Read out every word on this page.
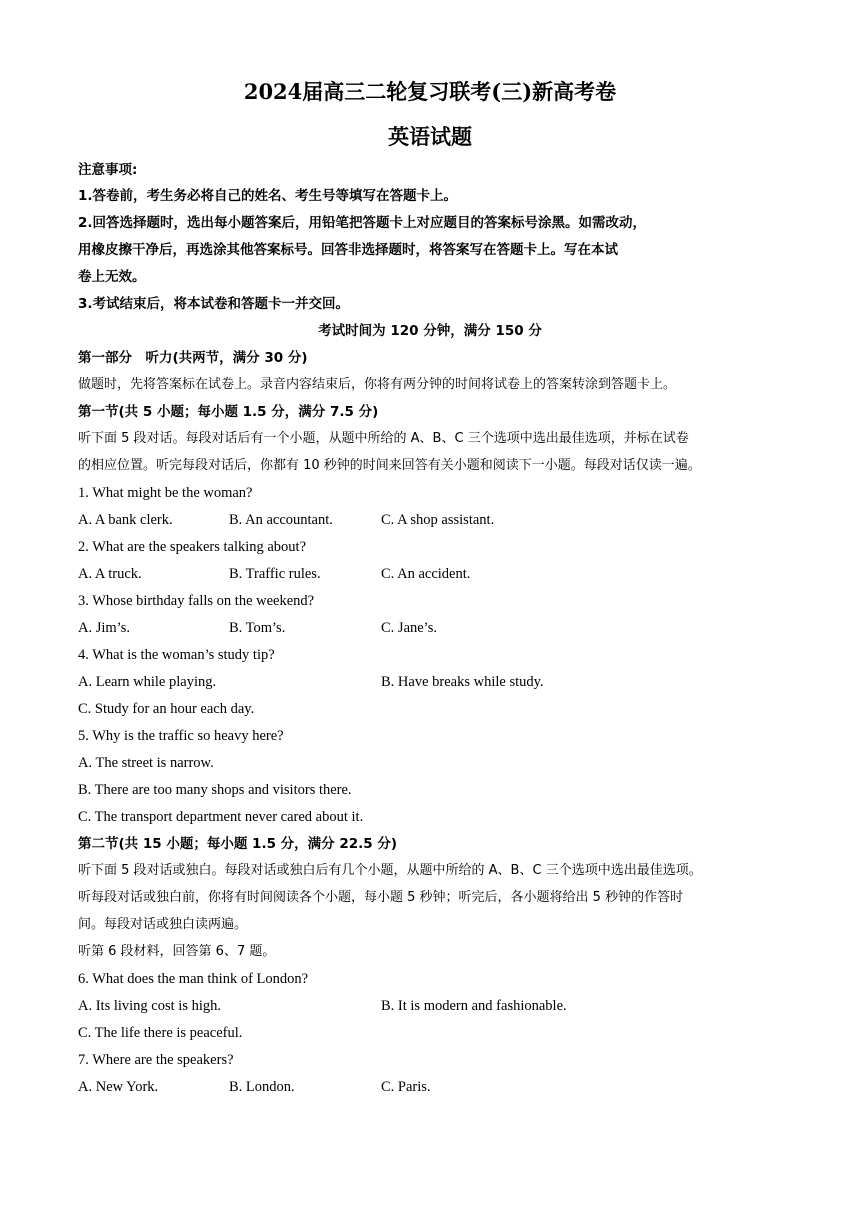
2024届高三二轮复习联考(三)新高考卷
英语试题
注意事项:
1.答卷前，考生务必将自己的姓名、考生号等填写在答题卡上。
2.回答选择题时，选出每小题答案后，用铅笔把答题卡上对应题目的答案标号涂黑。如需改动，
用橡皮擦干净后，再选涂其他答案标号。回答非选择题时，将答案写在答题卡上。写在本试
卷上无效。
3.考试结束后，将本试卷和答题卡一并交回。
考试时间为 120 分钟，满分 150 分
第一部分　听力(共两节，满分 30 分)
做题时，先将答案标在试卷上。录音内容结束后，你将有两分钟的时间将试卷上的答案转涂到答题卡上。
第一节(共 5 小题；每小题 1.5 分，满分 7.5 分)
听下面 5 段对话。每段对话后有一个小题，从题中所给的 A、B、C 三个选项中选出最佳选项，并标在试卷
的相应位置。听完每段对话后，你都有 10 秒钟的时间来回答有关小题和阅读下一小题。每段对话仅读一遍。
1. What might be the woman?
A. A bank clerk.	B. An accountant.	C. A shop assistant.
2. What are the speakers talking about?
A. A truck.	B. Traffic rules.	C. An accident.
3. Whose birthday falls on the weekend?
A. Jim’s.	B. Tom’s.	C. Jane’s.
4. What is the woman’s study tip?
A. Learn while playing.	B. Have breaks while study.
C. Study for an hour each day.
5. Why is the traffic so heavy here?
A. The street is narrow.
B. There are too many shops and visitors there.
C. The transport department never cared about it.
第二节(共 15 小题；每小题 1.5 分，满分 22.5 分)
听下面 5 段对话或独白。每段对话或独白后有几个小题，从题中所给的 A、B、C 三个选项中选出最佳选项。
听每段对话或独白前，你将有时间阅读各个小题，每小题 5 秒钟；听完后，各小题将给出 5 秒钟的作答时
间。每段对话或独白读两遍。
听第 6 段材料，回答第 6、7 题。
6. What does the man think of London?
A. Its living cost is high.	B. It is modern and fashionable.
C. The life there is peaceful.
7. Where are the speakers?
A. New York.	B. London.	C. Paris.
